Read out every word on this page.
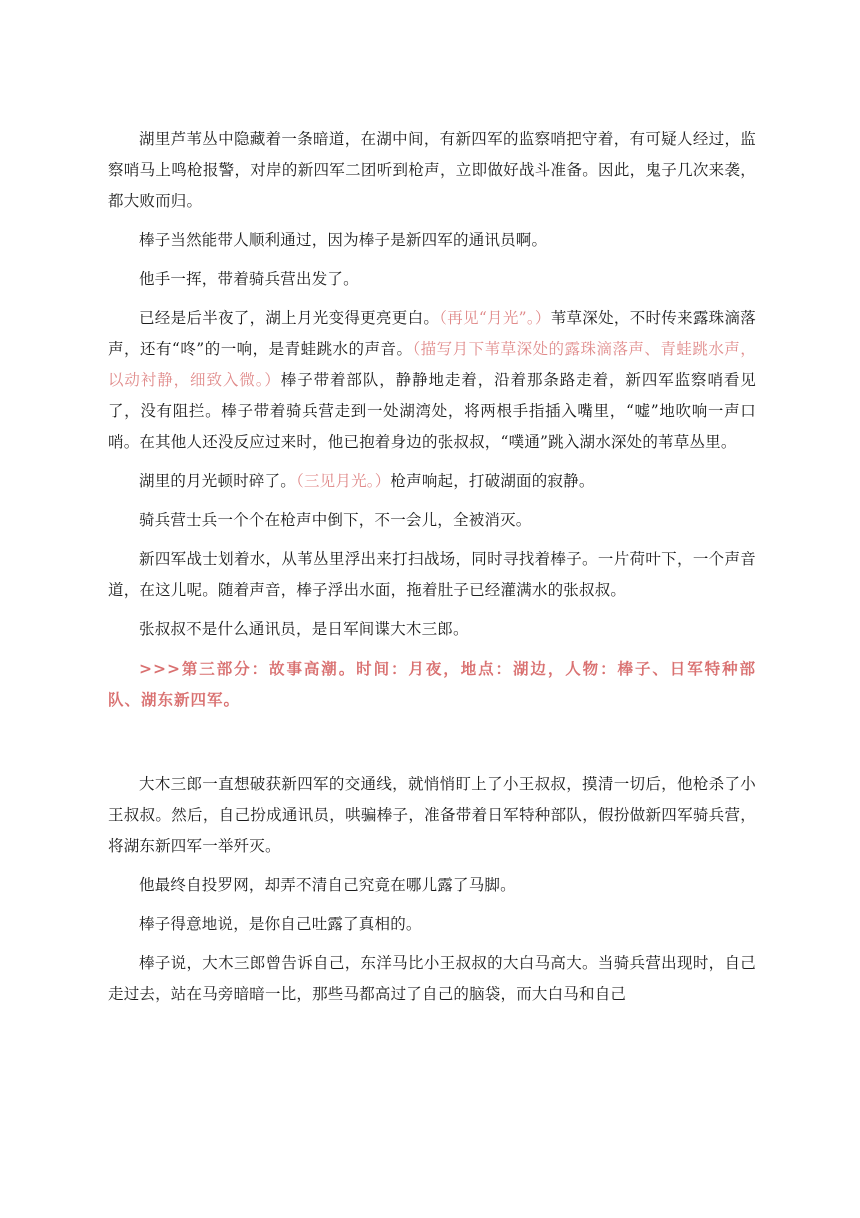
湖里芦苇丛中隐藏着一条暗道，在湖中间，有新四军的监察哨把守着，有可疑人经过，监察哨马上鸣枪报警，对岸的新四军二团听到枪声，立即做好战斗准备。因此，鬼子几次来袭，都大败而归。

棒子当然能带人顺利通过，因为棒子是新四军的通讯员啊。

他手一挥，带着骑兵营出发了。

已经是后半夜了，湖上月光变得更亮更白。（再见“月光”。）苇草深处，不时传来露珠滴落声，还有“咚”的一响，是青蛙跳水的声音。（描写月下苇草深处的露珠滴落声、青蛙跳水声，以动衬静，细致入微。）棒子带着部队，静静地走着，沿着那条路走着，新四军监察哨看见了，没有阻拦。棒子带着骑兵营走到一处湖湾处，将两根手指插入嘴里，“嘘”地吹响一声口哨。在其他人还没反应过来时，他已抱着身边的张叔叔，“噗通”跳入湖水深处的苇草丛里。

湖里的月光顿时碎了。（三见月光。）枪声响起，打破湖面的寂静。

骑兵营士兵一个个在枪声中倒下，不一会儿，全被消灭。

新四军战士划着水，从苇丛里浮出来打扫战场，同时寻找着棒子。一片荷叶下，一个声音道，在这儿呢。随着声音，棒子浮出水面，拖着肚子已经灌满水的张叔叔。

张叔叔不是什么通讯员，是日军间谍大木三郎。

>>>第三部分：故事高潮。时间：月夜，地点：湖边，人物：棒子、日军特种部队、湖东新四军。

大木三郎一直想破获新四军的交通线，就悄悄盯上了小王叔叔，摸清一切后，他枪杀了小王叔叔。然后，自己扮成通讯员，哄骗棒子，准备带着日军特种部队，假扮做新四军骑兵营，将湖东新四军一举歼灭。

他最终自投罗网，却弄不清自己究竟在哪儿露了马脚。

棒子得意地说，是你自己吐露了真相的。

棒子说，大木三郎曾告诉自己，东洋马比小王叔叔的大白马高大。当骑兵营出现时，自己走过去，站在马旁暗暗一比，那些马都高过了自己的脑袋，而大白马和自己
